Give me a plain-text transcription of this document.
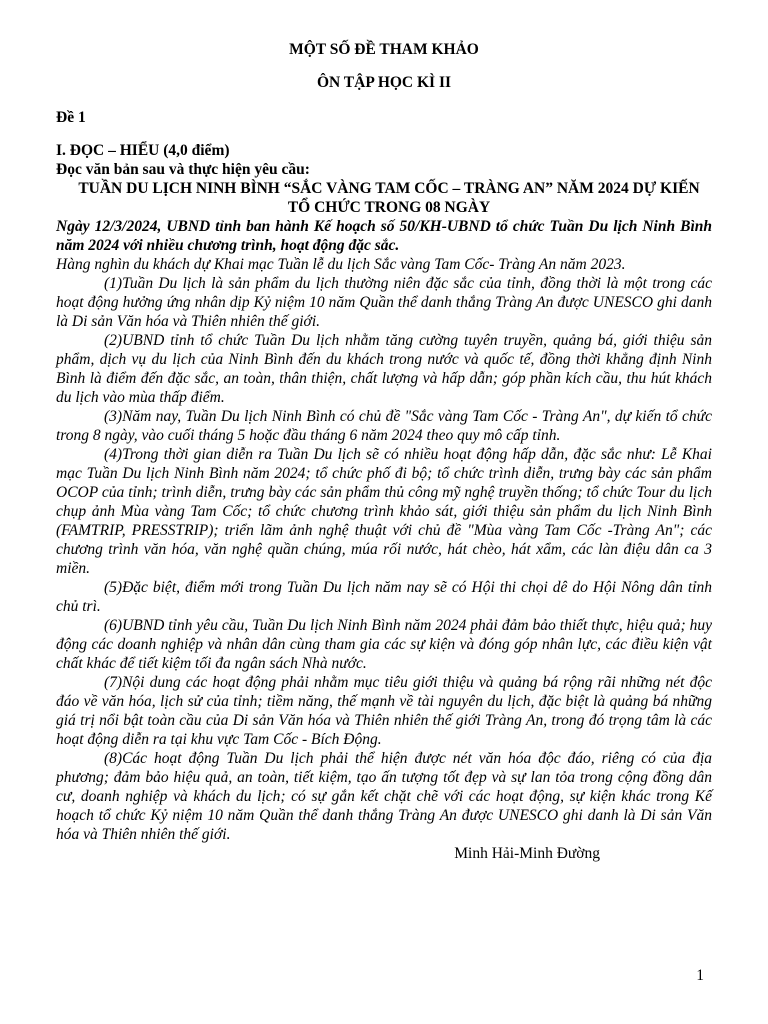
MỘT SỐ ĐỀ THAM KHẢO

ÔN TẬP HỌC KÌ II

Đề 1

I. ĐỌC – HIỂU (4,0 điểm)

Đọc văn bản sau và thực hiện yêu cầu:

TUẦN DU LỊCH NINH BÌNH “SẮC VÀNG TAM CỐC – TRÀNG AN” NĂM 2024 DỰ KIẾN TỔ CHỨC TRONG 08 NGÀY

Ngày 12/3/2024, UBND tỉnh ban hành Kế hoạch số 50/KH-UBND tổ chức Tuần Du lịch Ninh Bình năm 2024 với nhiều chương trình, hoạt động đặc sắc.

Hàng nghìn du khách dự Khai mạc Tuần lễ du lịch Sắc vàng Tam Cốc- Tràng An năm 2023.

(1)Tuần Du lịch là sản phẩm du lịch thường niên đặc sắc của tỉnh, đồng thời là một trong các hoạt động hưởng ứng nhân dịp Kỷ niệm 10 năm Quần thể danh thắng Tràng An được UNESCO ghi danh là Di sản Văn hóa và Thiên nhiên thế giới.

(2)UBND tỉnh tổ chức Tuần Du lịch nhằm tăng cường tuyên truyền, quảng bá, giới thiệu sản phẩm, dịch vụ du lịch của Ninh Bình đến du khách trong nước và quốc tế, đồng thời khẳng định Ninh Bình là điểm đến đặc sắc, an toàn, thân thiện, chất lượng và hấp dẫn; góp phần kích cầu, thu hút khách du lịch vào mùa thấp điểm.

(3)Năm nay, Tuần Du lịch Ninh Bình có chủ đề "Sắc vàng Tam Cốc - Tràng An", dự kiến tổ chức trong 8 ngày, vào cuối tháng 5 hoặc đầu tháng 6 năm 2024 theo quy mô cấp tỉnh.

(4)Trong thời gian diễn ra Tuần Du lịch sẽ có nhiều hoạt động hấp dẫn, đặc sắc như: Lễ Khai mạc Tuần Du lịch Ninh Bình năm 2024; tổ chức phố đi bộ; tổ chức trình diễn, trưng bày các sản phẩm OCOP của tỉnh; trình diễn, trưng bày các sản phẩm thủ công mỹ nghệ truyền thống; tổ chức Tour du lịch chụp ảnh Mùa vàng Tam Cốc; tổ chức chương trình khảo sát, giới thiệu sản phẩm du lịch Ninh Bình (FAMTRIP, PRESSTRIP); triển lãm ảnh nghệ thuật với chủ đề "Mùa vàng Tam Cốc -Tràng An"; các chương trình văn hóa, văn nghệ quần chúng, múa rối nước, hát chèo, hát xẩm, các làn điệu dân ca 3 miền.

(5)Đặc biệt, điểm mới trong Tuần Du lịch năm nay sẽ có Hội thi chọi dê do Hội Nông dân tỉnh chủ trì.

(6)UBND tỉnh yêu cầu, Tuần Du lịch Ninh Bình năm 2024 phải đảm bảo thiết thực, hiệu quả; huy động các doanh nghiệp và nhân dân cùng tham gia các sự kiện và đóng góp nhân lực, các điều kiện vật chất khác để tiết kiệm tối đa ngân sách Nhà nước.

(7)Nội dung các hoạt động phải nhằm mục tiêu giới thiệu và quảng bá rộng rãi những nét độc đáo về văn hóa, lịch sử của tỉnh; tiềm năng, thế mạnh về tài nguyên du lịch, đặc biệt là quảng bá những giá trị nổi bật toàn cầu của Di sản Văn hóa và Thiên nhiên thế giới Tràng An, trong đó trọng tâm là các hoạt động diễn ra tại khu vực Tam Cốc - Bích Động.

(8)Các hoạt động Tuần Du lịch phải thể hiện được nét văn hóa độc đáo, riêng có của địa phương; đảm bảo hiệu quả, an toàn, tiết kiệm, tạo ấn tượng tốt đẹp và sự lan tỏa trong cộng đồng dân cư, doanh nghiệp và khách du lịch; có sự gắn kết chặt chẽ với các hoạt động, sự kiện khác trong Kế hoạch tổ chức Kỷ niệm 10 năm Quần thể danh thắng Tràng An được UNESCO ghi danh là Di sản Văn hóa và Thiên nhiên thế giới.

Minh Hải-Minh Đường

1
